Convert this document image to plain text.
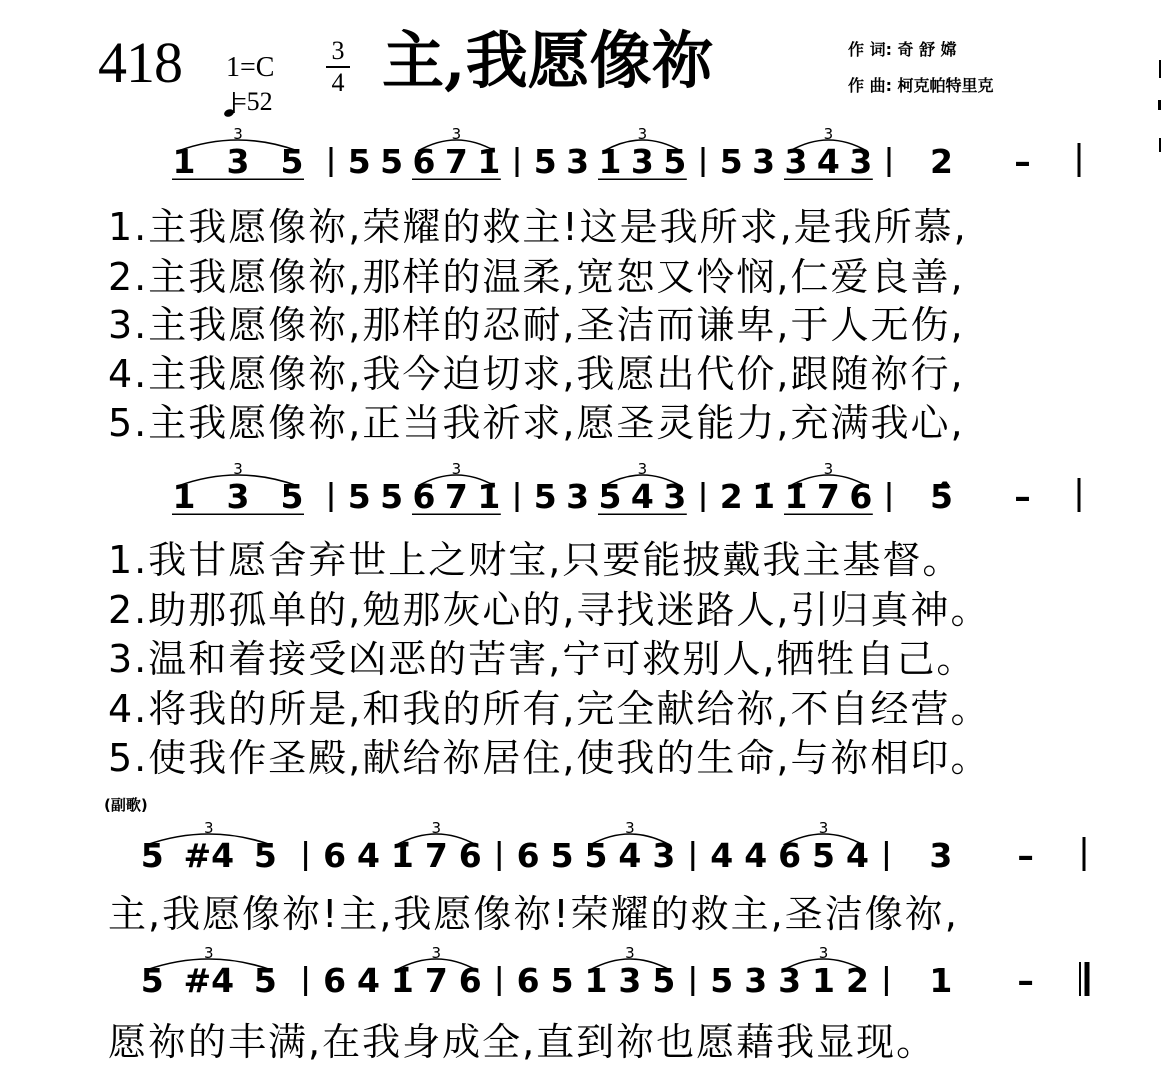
418 1=C
=52
3
4 主,我愿像祢	作 词: 奇 舒 嫦
作 曲: 柯克帕特里克
1 3 5
3
5 5 6 7 1̇
3
5 3 1 3 5
3
5 3 3 4 3
3
2 –
1.主我愿像祢,荣耀的救主!这是我所求,是我所慕,
2.主我愿像祢,那样的温柔,宽恕又怜悯,仁爱良善,
3.主我愿像祢,那样的忍耐,圣洁而谦卑,于人无伤,
4.主我愿像祢,我今迫切求,我愿出代价,跟随祢行,
5.主我愿像祢,正当我祈求,愿圣灵能力,充满我心,
1 3 5
3
5 5 6 7 1̇
3
5 3 5 4 3
3
2 1̇ 1̇ 7 6
3
5̂ –
1.我甘愿舍弃世上之财宝,只要能披戴我主基督。
2.助那孤单的,勉那灰心的,寻找迷路人,引归真神。
3.温和着接受凶恶的苦害,宁可救别人,牺牲自己。
4.将我的所是,和我的所有,完全献给祢,不自经营。
5.使我作圣殿,献给祢居住,使我的生命,与祢相印。
(副歌)
5 #4 5
3
6 4 1̇ 7 6
3
6 5 5 4 3
3
4 4 6 5 4
3
3 –
主,我愿像祢!主,我愿像祢!荣耀的救主,圣洁像祢,
5 #4 5
3
6 4 1̇ 7 6
3
6 5 1 3 5
3
5 3 3 1 2
3
1 –
愿祢的丰满,在我身成全,直到祢也愿藉我显现。
